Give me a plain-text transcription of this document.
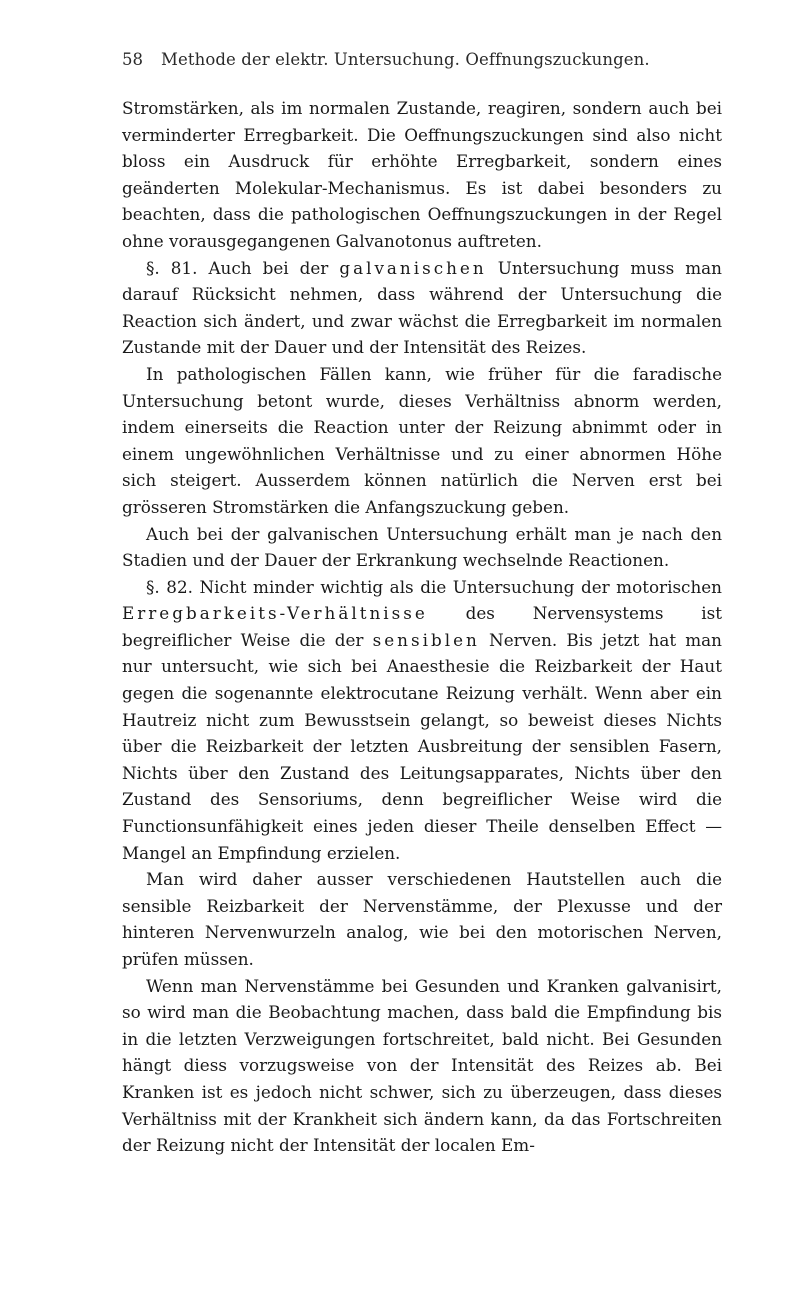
58 Methode der elektr. Untersuchung. Oeffnungszuckungen.

Stromstärken, als im normalen Zustande, reagiren, sondern auch bei verminderter Erregbarkeit. Die Oeffnungszuckungen sind also nicht bloss ein Ausdruck für erhöhte Erregbarkeit, sondern eines geänderten Molekular-Mechanismus. Es ist dabei besonders zu beachten, dass die pathologischen Oeffnungszuckungen in der Regel ohne vorausgegangenen Galvanotonus auftreten.

§. 81. Auch bei der galvanischen Untersuchung muss man darauf Rücksicht nehmen, dass während der Untersuchung die Reaction sich ändert, und zwar wächst die Erregbarkeit im normalen Zustande mit der Dauer und der Intensität des Reizes.

In pathologischen Fällen kann, wie früher für die faradische Untersuchung betont wurde, dieses Verhältniss abnorm werden, indem einerseits die Reaction unter der Reizung abnimmt oder in einem ungewöhnlichen Verhältnisse und zu einer abnormen Höhe sich steigert. Ausserdem können natürlich die Nerven erst bei grösseren Stromstärken die Anfangszuckung geben.

Auch bei der galvanischen Untersuchung erhält man je nach den Stadien und der Dauer der Erkrankung wechselnde Reactionen.

§. 82. Nicht minder wichtig als die Untersuchung der motorischen Erregbarkeits-Verhältnisse des Nervensystems ist begreiflicher Weise die der sensiblen Nerven. Bis jetzt hat man nur untersucht, wie sich bei Anaesthesie die Reizbarkeit der Haut gegen die sogenannte elektrocutane Reizung verhält. Wenn aber ein Hautreiz nicht zum Bewusstsein gelangt, so beweist dieses Nichts über die Reizbarkeit der letzten Ausbreitung der sensiblen Fasern, Nichts über den Zustand des Leitungsapparates, Nichts über den Zustand des Sensoriums, denn begreiflicher Weise wird die Functionsunfähigkeit eines jeden dieser Theile denselben Effect — Mangel an Empfindung erzielen.

Man wird daher ausser verschiedenen Hautstellen auch die sensible Reizbarkeit der Nervenstämme, der Plexusse und der hinteren Nervenwurzeln analog, wie bei den motorischen Nerven, prüfen müssen.

Wenn man Nervenstämme bei Gesunden und Kranken galvanisirt, so wird man die Beobachtung machen, dass bald die Empfindung bis in die letzten Verzweigungen fortschreitet, bald nicht. Bei Gesunden hängt diess vorzugsweise von der Intensität des Reizes ab. Bei Kranken ist es jedoch nicht schwer, sich zu überzeugen, dass dieses Verhältniss mit der Krankheit sich ändern kann, da das Fortschreiten der Reizung nicht der Intensität der localen Em-
